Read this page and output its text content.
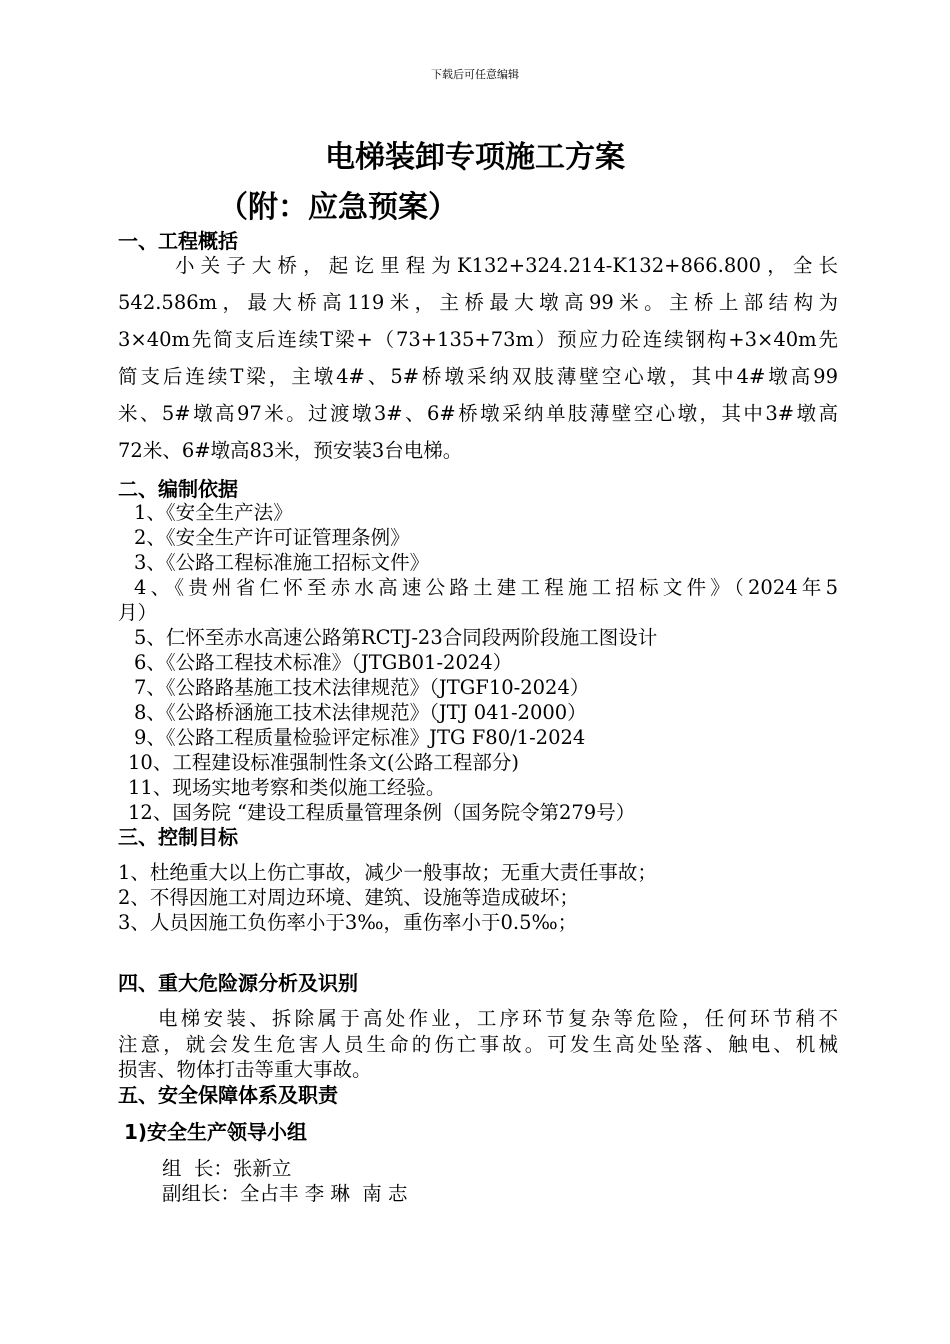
下载后可任意编辑
电梯装卸专项施工方案
（附：应急预案）
一、工程概括
小关子大桥，起讫里程为K132+324.214-K132+866.800，全长
542.586m，最大桥高119米，主桥最大墩高99米。主桥上部结构为
3×40m先简支后连续T梁+（73+135+73m）预应力砼连续钢构+3×40m先
简支后连续T梁，主墩4#、5#桥墩采纳双肢薄壁空心墩，其中4#墩高99
米、5#墩高97米。过渡墩3#、6#桥墩采纳单肢薄壁空心墩，其中3#墩高
72米、6#墩高83米，预安装3台电梯。
二、编制依据
1、《安全生产法》
2、《安全生产许可证管理条例》
3、《公路工程标准施工招标文件》
4、《贵州省仁怀至赤水高速公路土建工程施工招标文件》（2024年5
月）
5、仁怀至赤水高速公路第RCTJ-23合同段两阶段施工图设计
6、《公路工程技术标准》（JTGB01-2024）
7、《公路路基施工技术法律规范》（JTGF10-2024）
8、《公路桥涵施工技术法律规范》（JTJ 041-2000）
9、《公路工程质量检验评定标准》JTG F80/1-2024
10、工程建设标准强制性条文(公路工程部分)
11、现场实地考察和类似施工经验。
12、国务院 “建设工程质量管理条例（国务院令第279号）
三、控制目标
1、杜绝重大以上伤亡事故，减少一般事故；无重大责任事故；
2、不得因施工对周边环境、建筑、设施等造成破坏；
3、人员因施工负伤率小于3‰，重伤率小于0.5‰；
四、重大危险源分析及识别
电梯安装、拆除属于高处作业，工序环节复杂等危险，任何环节稍不
注意，就会发生危害人员生命的伤亡事故。可发生高处坠落、触电、机械
损害、物体打击等重大事故。
五、安全保障体系及职责
1)安全生产领导小组
组  长：张新立
副组长：全占丰 李 琳  南 志
